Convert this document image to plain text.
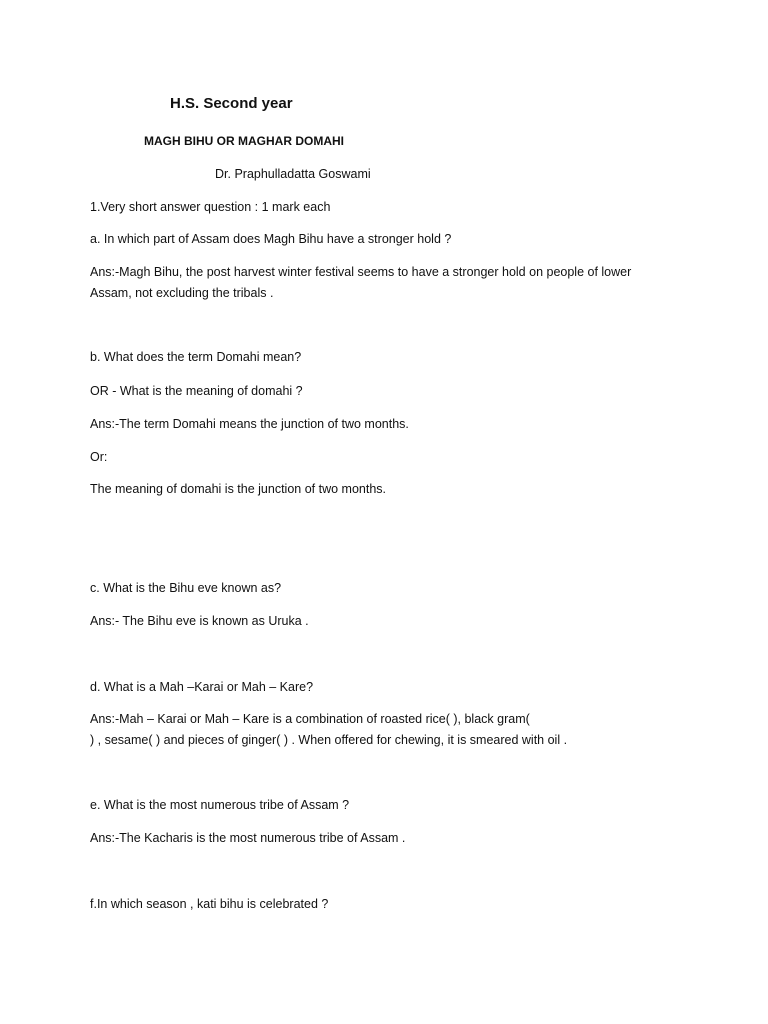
H.S. Second year
MAGH BIHU OR MAGHAR DOMAHI
Dr. Praphulladatta Goswami
1.Very short answer question : 1 mark each
a. In which part of Assam does Magh Bihu have a stronger hold ?
Ans:-Magh Bihu, the post harvest winter festival seems to have a stronger hold on people of lower
Assam, not excluding the tribals .
b. What does the term Domahi mean?
OR - What is the meaning of domahi ?
Ans:-The term Domahi means the junction of two months.
Or:
The meaning of domahi is the junction of two months.
c. What is the Bihu eve known as?
Ans:- The Bihu eve is known as Uruka .
d. What is a Mah –Karai or Mah – Kare?
Ans:-Mah – Karai or Mah – Kare is a combination of roasted rice( ), black gram(
) , sesame( ) and pieces of ginger( ) . When offered for chewing, it is smeared with oil .
e. What is the most numerous tribe of Assam ?
Ans:-The Kacharis is the most numerous tribe of Assam .
f.In which season , kati bihu is celebrated ?
